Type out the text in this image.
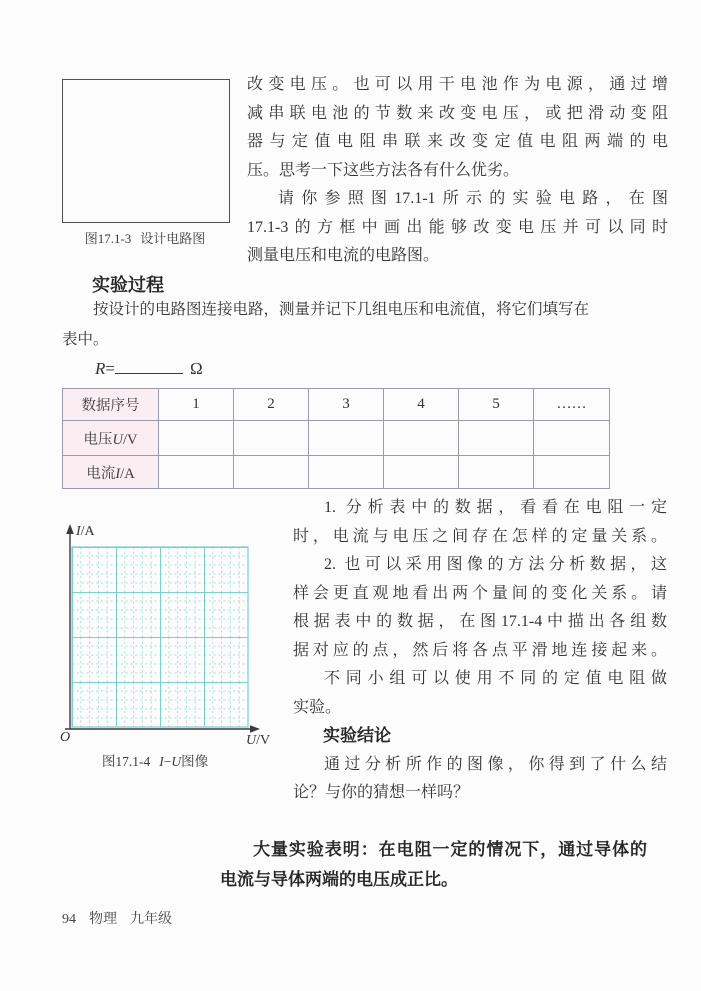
图17.1-3 设计电路图
改变电压。也可以用干电池作为电源，通过增
减串联电池的节数来改变电压，或把滑动变阻
器与定值电阻串联来改变定值电阻两端的电
压。思考一下这些方法各有什么优劣。
请你参照图17.1-1所示的实验电路，在图
17.1-3的方框中画出能够改变电压并可以同时
测量电压和电流的电路图。
实验过程
按设计的电路图连接电路，测量并记下几组电压和电流值，将它们填写在
表中。
R=	Ω
数据序号	1	2	3	4	5	……
电压U/V						
电流I/A						
I/A
U/V
O
图17.1-4 I−U图像
1. 分析表中的数据，看看在电阻一定
时，电流与电压之间存在怎样的定量关系。
2. 也可以采用图像的方法分析数据，这
样会更直观地看出两个量间的变化关系。请
根据表中的数据，在图17.1-4中描出各组数
据对应的点，然后将各点平滑地连接起来。
不同小组可以使用不同的定值电阻做
实验。
实验结论
通过分析所作的图像，你得到了什么结
论？与你的猜想一样吗？
大量实验表明：在电阻一定的情况下，通过导体的
电流与导体两端的电压成正比。
94 物理 九年级
